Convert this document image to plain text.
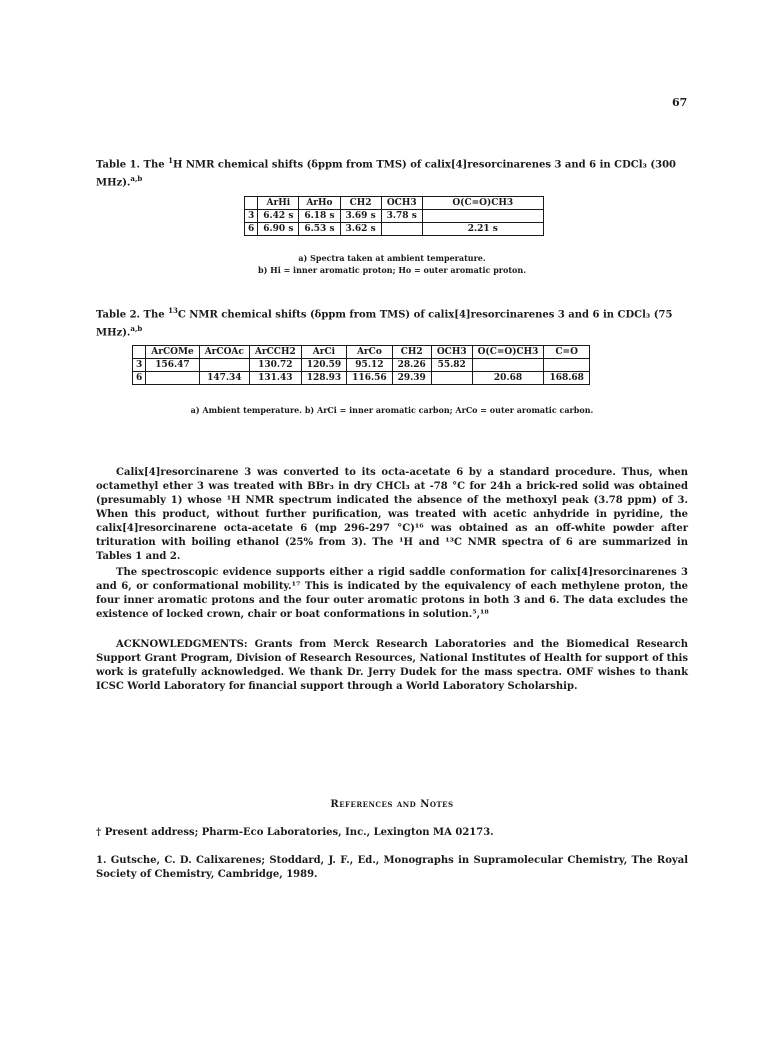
67
Table 1. The $^1$H NMR chemical shifts (δppm from TMS) of calix[4]resorcinarenes 3 and 6 in CDCl₃ (300 MHz).$^{a,b}$
	ArHi	ArHo	CH2	OCH3	O(C=O)CH3
3	6.42 s	6.18 s	3.69 s	3.78 s	
6	6.90 s	6.53 s	3.62 s		2.21 s
a) Spectra taken at ambient temperature.
b) Hi = inner aromatic proton; Ho = outer aromatic proton.
Table 2. The $^{13}$C NMR chemical shifts (δppm from TMS) of calix[4]resorcinarenes 3 and 6 in CDCl₃ (75 MHz).$^{a,b}$
	ArCOMe	ArCOAc	ArCCH2	ArCi	ArCo	CH2	OCH3	O(C=O)CH3	C=O
3	156.47		130.72	120.59	95.12	28.26	55.82		
6		147.34	131.43	128.93	116.56	29.39		20.68	168.68
a) Ambient temperature. b) ArCi = inner aromatic carbon; ArCo = outer aromatic carbon.
Calix[4]resorcinarene 3 was converted to its octa-acetate 6 by a standard procedure. Thus, when octamethyl ether 3 was treated with BBr₃ in dry CHCl₃ at -78 °C for 24h a brick-red solid was obtained (presumably 1) whose ¹H NMR spectrum indicated the absence of the methoxyl peak (3.78 ppm) of 3. When this product, without further purification, was treated with acetic anhydride in pyridine, the calix[4]resorcinarene octa-acetate 6 (mp 296-297 °C)¹⁶ was obtained as an off-white powder after trituration with boiling ethanol (25% from 3). The ¹H and ¹³C NMR spectra of 6 are summarized in Tables 1 and 2.
The spectroscopic evidence supports either a rigid saddle conformation for calix[4]resorcinarenes 3 and 6, or conformational mobility.¹⁷ This is indicated by the equivalency of each methylene proton, the four inner aromatic protons and the four outer aromatic protons in both 3 and 6. The data excludes the existence of locked crown, chair or boat conformations in solution.⁵,¹⁸
ACKNOWLEDGMENTS: Grants from Merck Research Laboratories and the Biomedical Research Support Grant Program, Division of Research Resources, National Institutes of Health for support of this work is gratefully acknowledged. We thank Dr. Jerry Dudek for the mass spectra. OMF wishes to thank ICSC World Laboratory for financial support through a World Laboratory Scholarship.
References and Notes
† Present address; Pharm-Eco Laboratories, Inc., Lexington MA 02173.
1. Gutsche, C. D. Calixarenes; Stoddard, J. F., Ed., Monographs in Supramolecular Chemistry, The Royal Society of Chemistry, Cambridge, 1989.
